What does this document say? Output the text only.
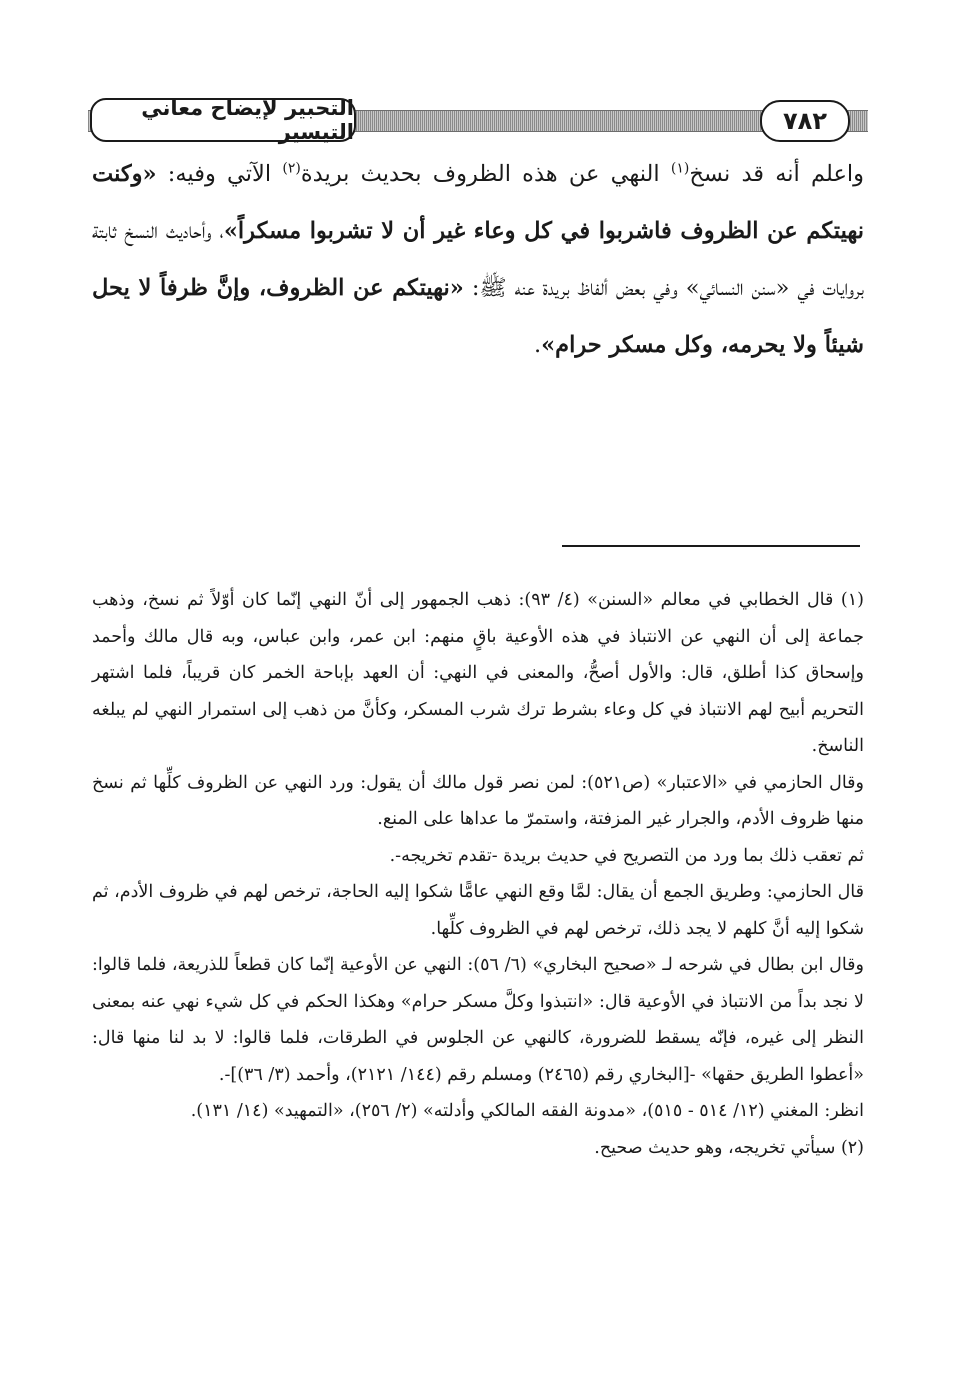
٧٨٢
التحبير لإيضاح معاني التيسير

واعلم أنه قد نسخ$^{(١)}$ النهي عن هذه الظروف بحديث بريدة$^{(٢)}$ الآتي وفيه: «وكنت نهيتكم عن الظروف فاشربوا في كل وعاء غير أن لا تشربوا مسكراً»، وأحاديث النسخ ثابتة بروايات في «سنن النسائي» وفي بعض ألفاظ بريدة عنه ﷺ: «نهيتكم عن الظروف، وإنَّ ظرفاً لا يحل شيئاً ولا يحرمه، وكل مسكر حرام».

(١) قال الخطابي في معالم «السنن» (٤/ ٩٣): ذهب الجمهور إلى أنّ النهي إنّما كان أوّلاً ثم نسخ، وذهب جماعة إلى أن النهي عن الانتباذ في هذه الأوعية باقٍ منهم: ابن عمر، وابن عباس، وبه قال مالك وأحمد وإسحاق كذا أطلق، قال: والأول أصحُّ، والمعنى في النهي: أن العهد بإباحة الخمر كان قريباً، فلما اشتهر التحريم أبيح لهم الانتباذ في كل وعاء بشرط ترك شرب المسكر، وكأنَّ من ذهب إلى استمرار النهي لم يبلغه الناسخ.

وقال الحازمي في «الاعتبار» (ص٥٢١): لمن نصر قول مالك أن يقول: ورد النهي عن الظروف كلِّها ثم نسخ منها ظروف الأدم، والجرار غير المزفتة، واستمرّ ما عداها على المنع.

ثم تعقب ذلك بما ورد من التصريح في حديث بريدة -تقدم تخريجه-.

قال الحازمي: وطريق الجمع أن يقال: لمَّا وقع النهي عامًّا شكوا إليه الحاجة، ترخص لهم في ظروف الأدم، ثم شكوا إليه أنَّ كلهم لا يجد ذلك، ترخص لهم في الظروف كلِّها.

وقال ابن بطال في شرحه لـ «صحيح البخاري» (٦/ ٥٦): النهي عن الأوعية إنّما كان قطعاً للذريعة، فلما قالوا: لا نجد بداً من الانتباذ في الأوعية قال: «انتبذوا وكلَّ مسكر حرام» وهكذا الحكم في كل شيء نهي عنه بمعنى النظر إلى غيره، فإنّه يسقط للضرورة، كالنهي عن الجلوس في الطرقات، فلما قالوا: لا بد لنا منها قال: «أعطوا الطريق حقها» -[البخاري رقم (٢٤٦٥) ومسلم رقم (١٤٤/ ٢١٢١)، وأحمد (٣/ ٣٦)]-.

انظر: المغني (١٢/ ٥١٤ - ٥١٥)، «مدونة الفقه المالكي وأدلته» (٢/ ٢٥٦)، «التمهيد» (١٤/ ١٣١).

(٢) سيأتي تخريجه، وهو حديث صحيح.
